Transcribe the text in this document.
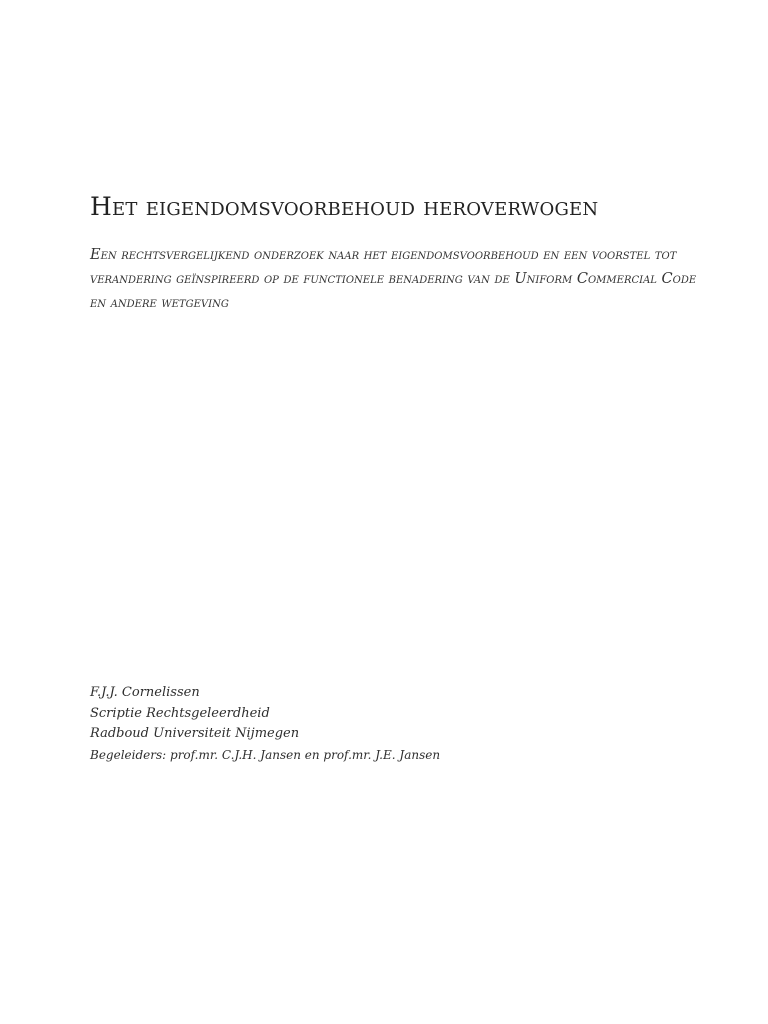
Het eigendomsvoorbehoud heroverwogen

Een rechtsvergelijkend onderzoek naar het eigendomsvoorbehoud en een voorstel tot verandering geïnspireerd op de functionele benadering van de Uniform Commercial Code en andere wetgeving

F.J.J. Cornelissen
Scriptie Rechtsgeleerdheid
Radboud Universiteit Nijmegen
Begeleiders: prof.mr. C.J.H. Jansen en prof.mr. J.E. Jansen
